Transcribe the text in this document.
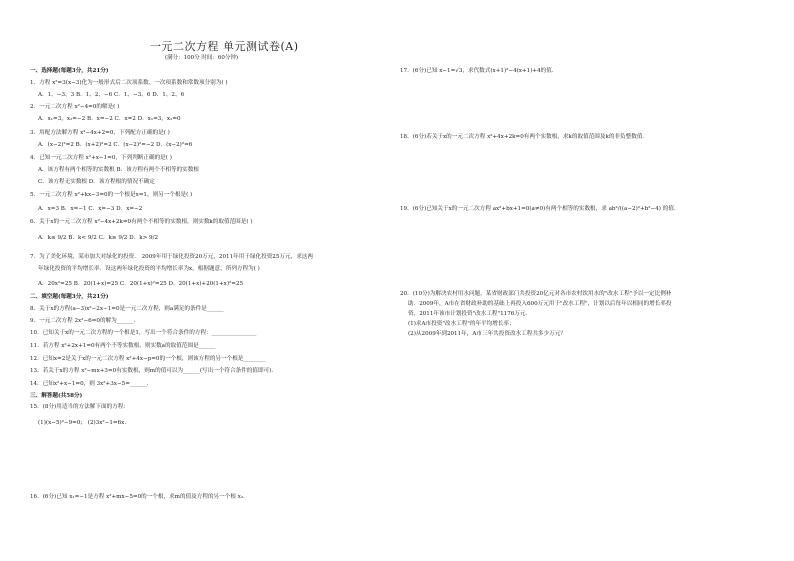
一元二次方程 单元测试卷(A)
(满分：100分 时间：60分钟)
一、选择题(每题3分，共21分)
1．方程 x²=3(x−3)化为一般形式后二次项系数、一次项系数和常数项分别为( )
A．1、−3、3 B．1、2、−6 C．1、−3、6 D．1、2、6
2．一元二次方程 x²−4=0的解是( )
A．x₁=3，x₂=−2 B．x=−2 C．x=2 D．x₁=3，x₂=0
3．用配方法解方程 x²−4x+2=0，下列配方正确的是( )
A．(x−2)²=2 B．(x+2)²=2 C．(x−2)²=−2 D．(x−2)²=6
4．已知一元二次方程 x²+x−1=0，下列判断正确的是( )
A．该方程有两个相等的实数根 B．该方程有两个不相等的实数根
C．该方程无实数根 D．该方程根的情况不确定
5．一元二次方程 x²+kx−3=0的一个根是x=1，则另一个根是( )
A．x=3 B．x=−1 C．x=−3 D．x=−2
6．关于x的一元二次方程 x²−4x+2k=0有两个不相等的实数根，则实数k的取值范围是( )
A．k≤ 9/2 B．k< 9/2 C．k≥ 9/2 D．k> 9/2
7．为了美化环境，某市加大对绿化的投资． 2009年用于绿化投资20万元，2011年用于绿化投资25万元，求这两
年绿化投资的平均增长率．设这两年绿化投资的平均增长率为x，根据题意，所列方程为( )
A．20x²=25 B．20(1+x)=25 C．20(1+x)²=25 D．20(1+x)+20(1+x)²=25
二、填空题(每题3分，共21分)
8．关于x的方程(a−3)x²−2x−1=0是一元二次方程，则a满足的条件是______
9．一元二次方程 2x²−6=0的解为______.
10．已知关于x的一元二次方程的一个根是1，写出一个符合条件的方程：________________
11．若方程 x²+2x+1=0有两个不等实数根，则实数a的取值范围是______
12．已知x=2是关于x的一元二次方程 x²+4x−p=0的一个根，则该方程的另一个根是________
13．若关于x的方程 x²−mx+3=0有实数根，则m的值可以为______(写出一个符合条件的值即可).
14．已知x²+x−1=0，则 3x²+3x−5=______.
三、解答题(共58分)
15．(8分)用适当的方法解下面的方程：
(1)(x−5)²−9=0； (2)3x²−1=6x．
16．(6分)已知 x₁=−1是方程 x²+mx−5=0的一个根，求m的值及方程的另一个根 x₂.
17．(6分)已知 x−1=√3，求代数式(x+1)²−4(x+1)+4的值．
18．(6分)若关于x的一元二次方程 x²+4x+2k=0有两个实数根，求k的取值范围及k的非负整数值．
19．(6分)已知关于x的一元二次方程 ax²+bx+1=0(a≠0)有两个相等的实数根，求 ab²/((a−2)²+b²−4) 的值．
20．(10分)为解决农村用水问题，某省财政部门共投资20亿元对各市农村饮用水的"改水工程"予以一定比例补
助．2009年，A市在省财政补助的基础上再投入600万元用于"改水工程"，计划以后每年以相同的增长率投
资，2011年该市计划投资"改水工程"1176万元．
(1)求A市投资"改水工程"的年平均增长率；
(2)从2009年到2011年，A市三年共投资改水工程共多少万元？
